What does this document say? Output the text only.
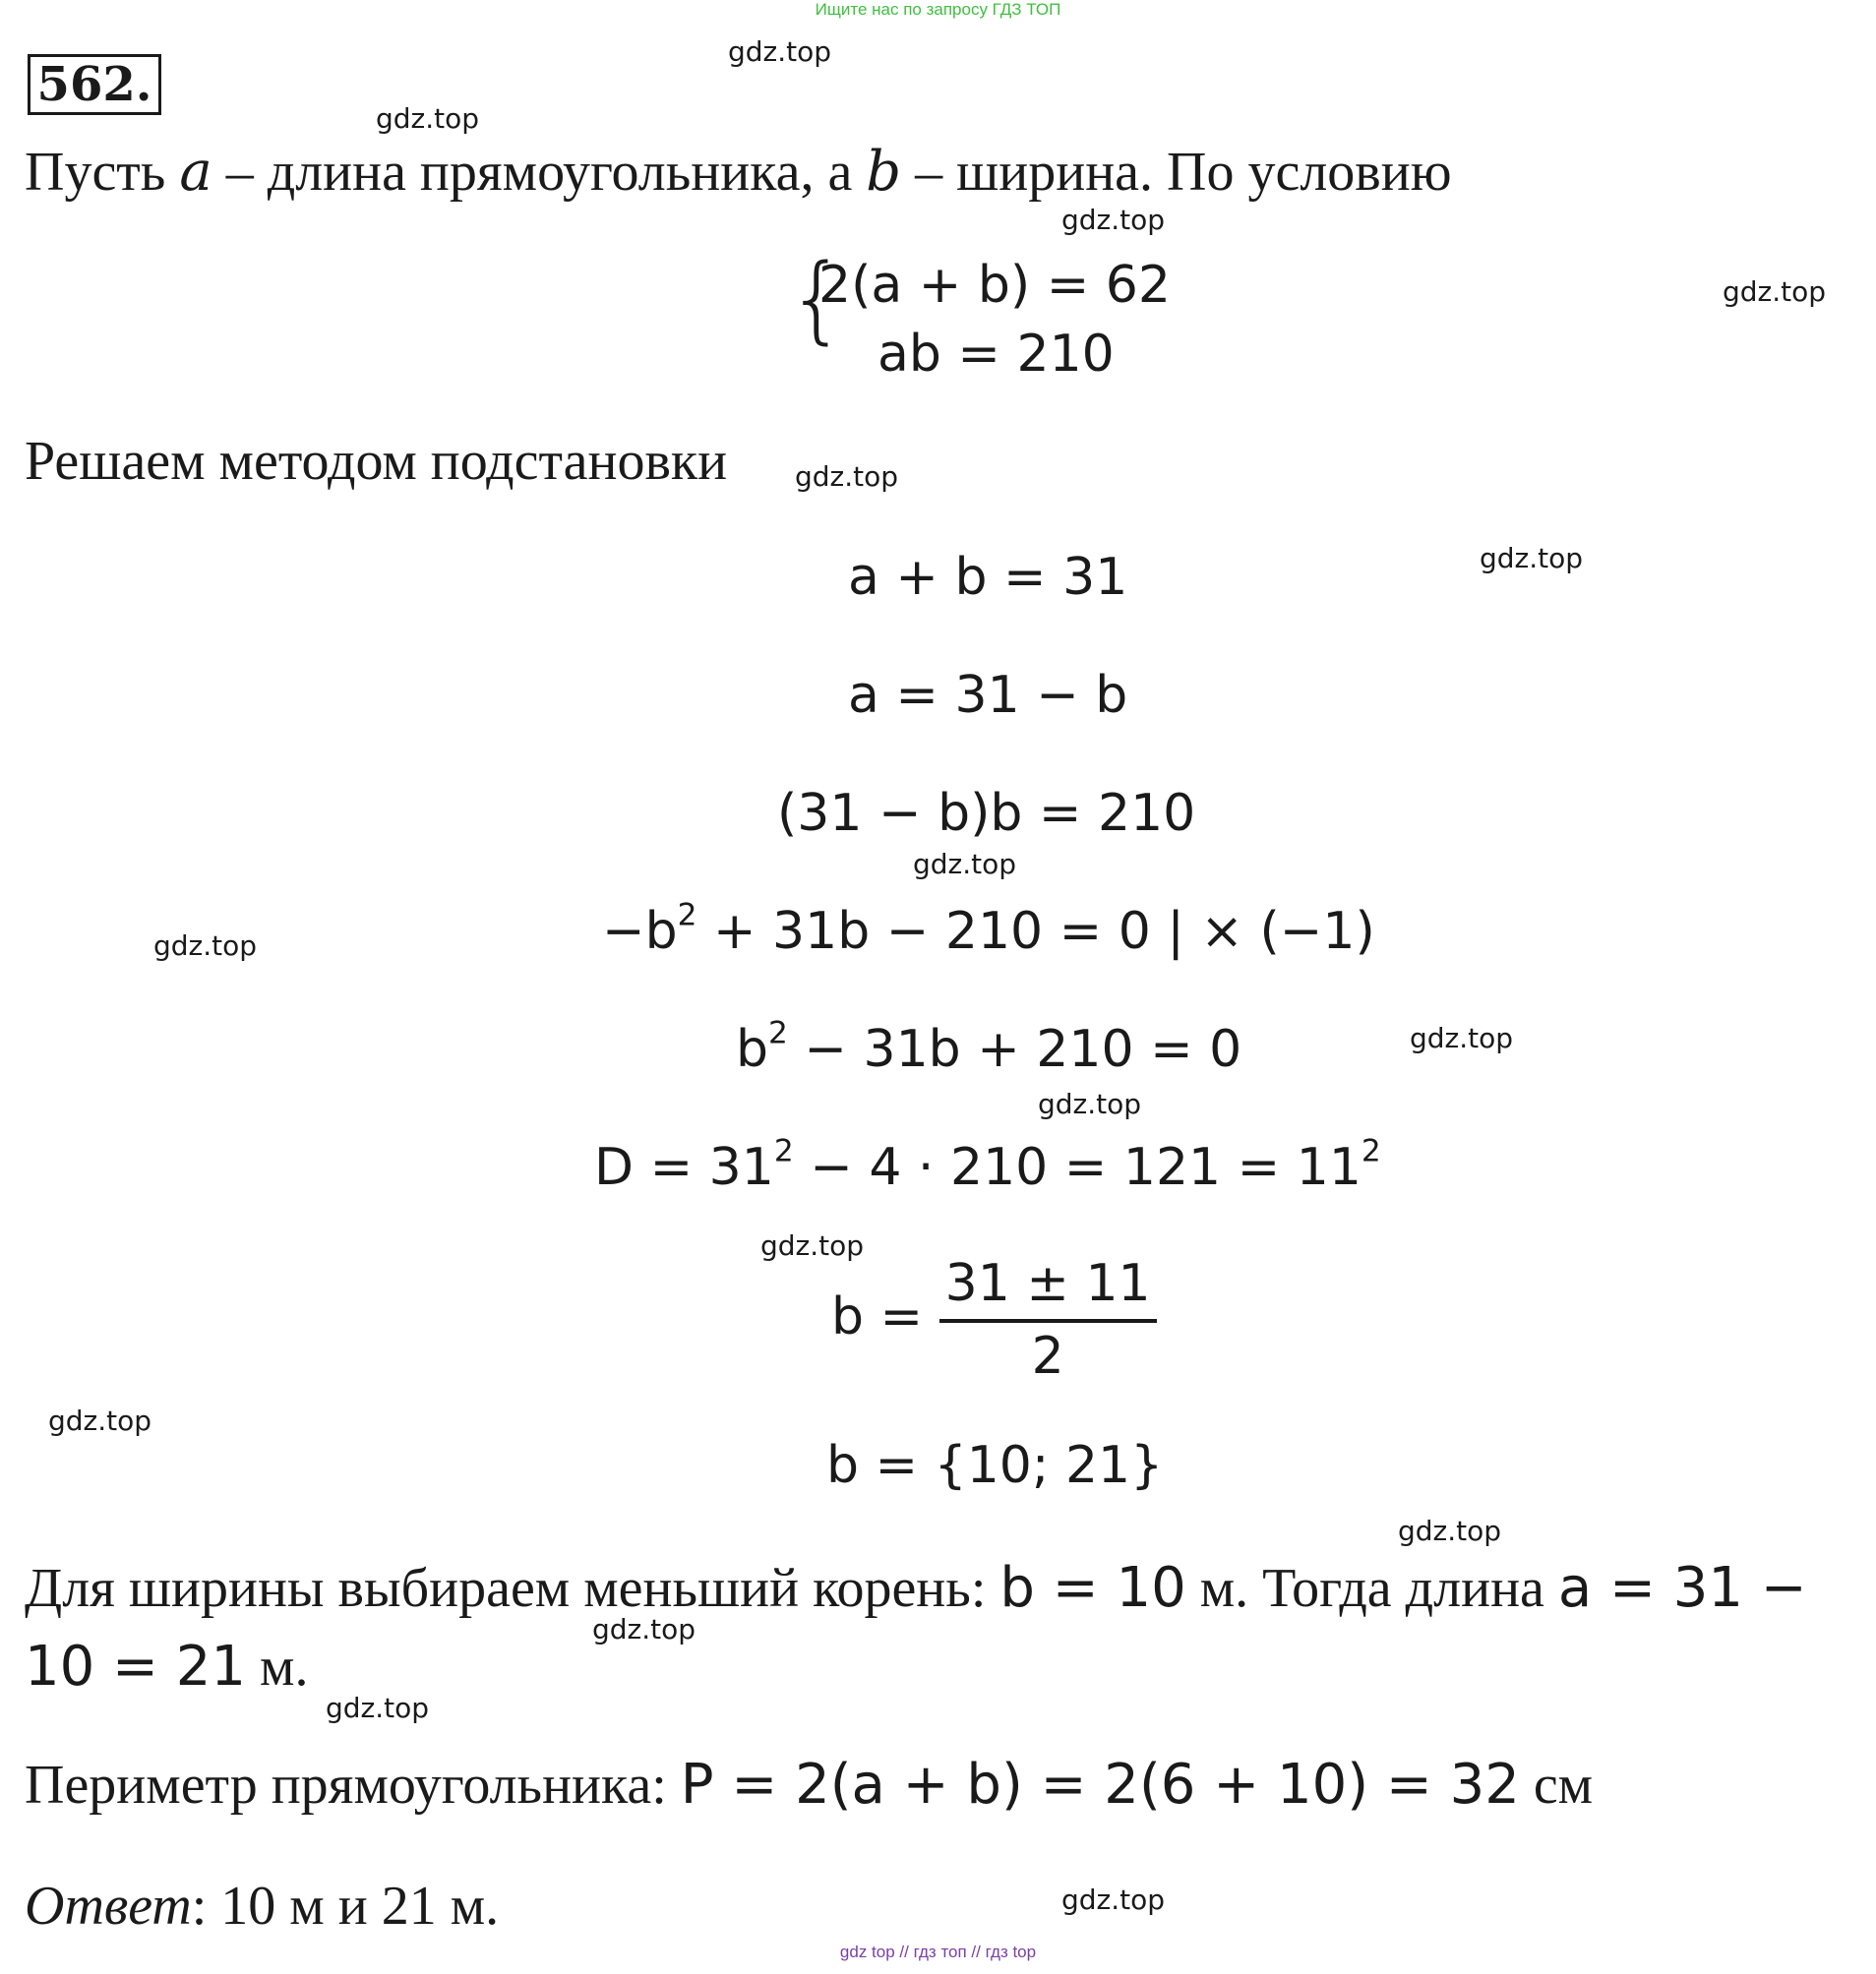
Ищите нас по запросу ГДЗ ТОП
562.
gdz.top
gdz.top
gdz.top
gdz.top
gdz.top
gdz.top
gdz.top
gdz.top
gdz.top
gdz.top
gdz.top
gdz.top
gdz.top
gdz.top
gdz.top
gdz.top
Пусть a – длина прямоугольника, а b – ширина. По условию
{
2(a + b) = 62
ab = 210
Решаем методом подстановки
a + b = 31
a = 31 − b
(31 − b)b = 210
$-b^2 + 31b - 210 = 0$ | × (−1)
$b^2 - 31b + 210 = 0$
$D = 31^2 - 4 \cdot 210 = 121 = 11^2$
$b = \frac{31 \pm 11}{2}$
b = {10; 21}
Для ширины выбираем меньший корень: b = 10 м. Тогда длина a = 31 −
10 = 21 м.
Периметр прямоугольника: P = 2(a + b) = 2(6 + 10) = 32 см
Ответ: 10 м и 21 м.
gdz top // гдз топ // гдз top
